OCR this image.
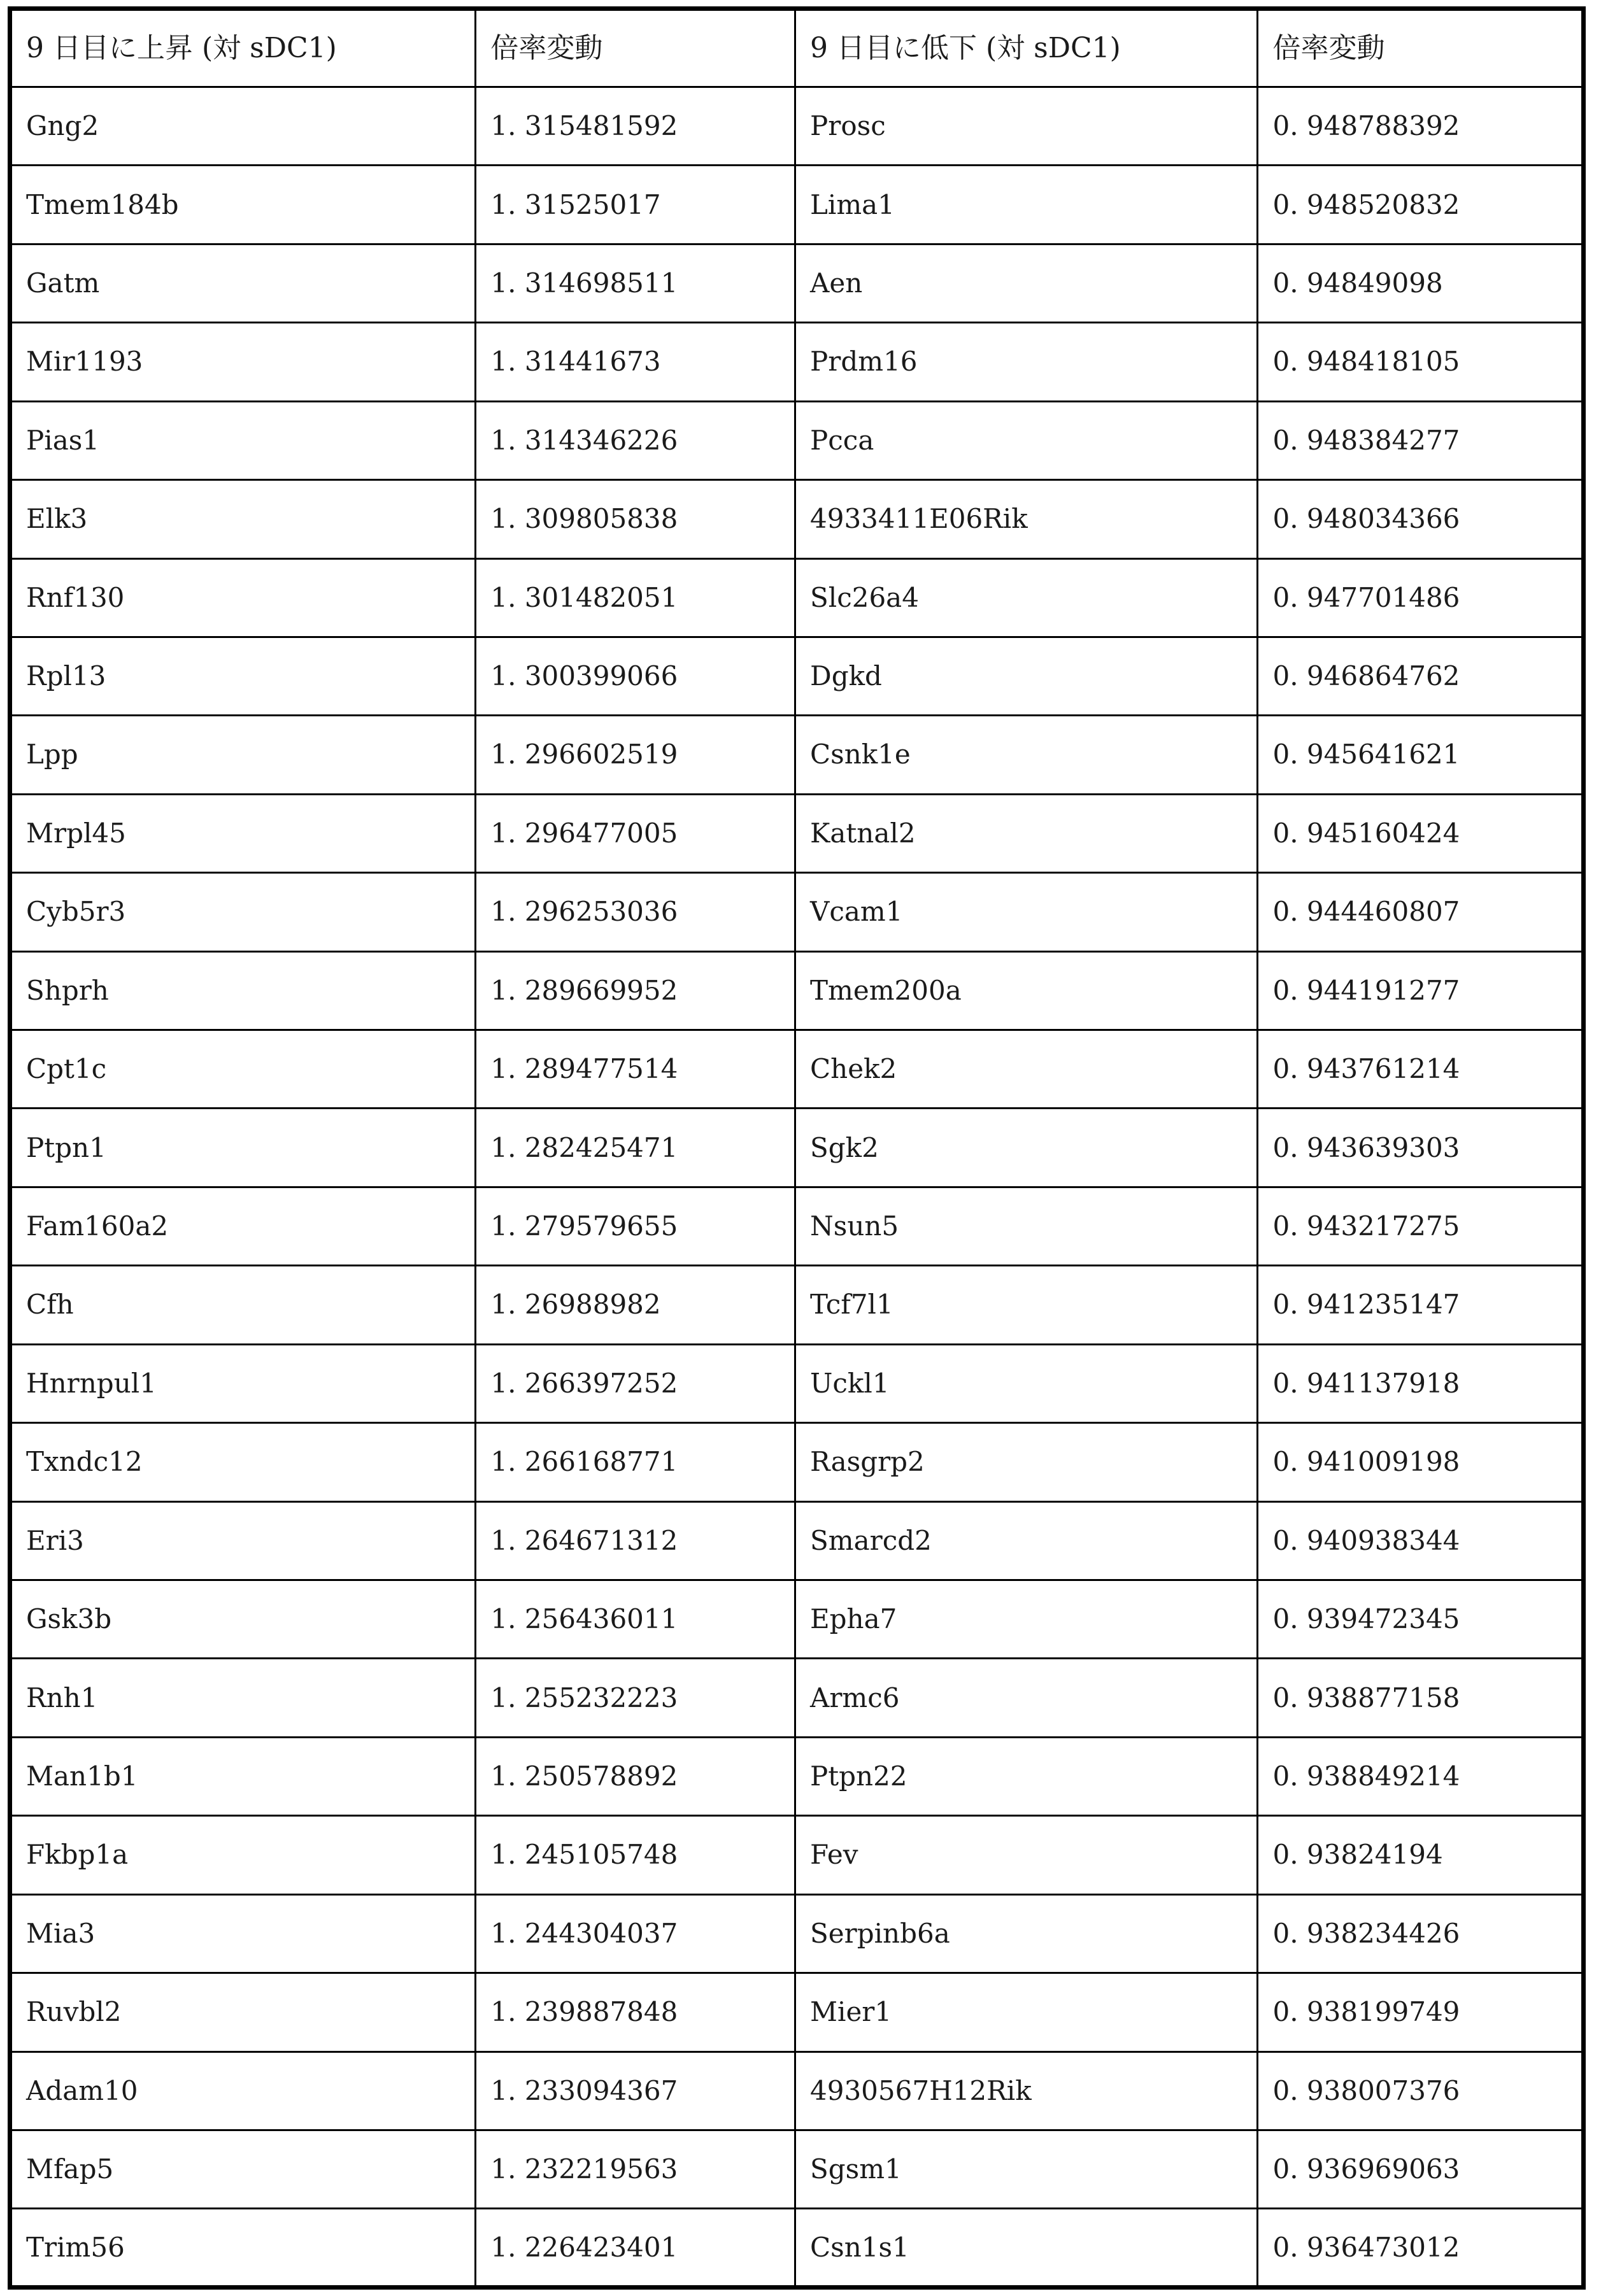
9 日目に上昇 (対 sDC1)	倍率変動	9 日目に低下 (対 sDC1)	倍率変動
Gng2	1. 315481592	Prosc	0. 948788392
Tmem184b	1. 31525017	Lima1	0. 948520832
Gatm	1. 314698511	Aen	0. 94849098
Mir1193	1. 31441673	Prdm16	0. 948418105
Pias1	1. 314346226	Pcca	0. 948384277
Elk3	1. 309805838	4933411E06Rik	0. 948034366
Rnf130	1. 301482051	Slc26a4	0. 947701486
Rpl13	1. 300399066	Dgkd	0. 946864762
Lpp	1. 296602519	Csnk1e	0. 945641621
Mrpl45	1. 296477005	Katnal2	0. 945160424
Cyb5r3	1. 296253036	Vcam1	0. 944460807
Shprh	1. 289669952	Tmem200a	0. 944191277
Cpt1c	1. 289477514	Chek2	0. 943761214
Ptpn1	1. 282425471	Sgk2	0. 943639303
Fam160a2	1. 279579655	Nsun5	0. 943217275
Cfh	1. 26988982	Tcf7l1	0. 941235147
Hnrnpul1	1. 266397252	Uckl1	0. 941137918
Txndc12	1. 266168771	Rasgrp2	0. 941009198
Eri3	1. 264671312	Smarcd2	0. 940938344
Gsk3b	1. 256436011	Epha7	0. 939472345
Rnh1	1. 255232223	Armc6	0. 938877158
Man1b1	1. 250578892	Ptpn22	0. 938849214
Fkbp1a	1. 245105748	Fev	0. 93824194
Mia3	1. 244304037	Serpinb6a	0. 938234426
Ruvbl2	1. 239887848	Mier1	0. 938199749
Adam10	1. 233094367	4930567H12Rik	0. 938007376
Mfap5	1. 232219563	Sgsm1	0. 936969063
Trim56	1. 226423401	Csn1s1	0. 936473012
